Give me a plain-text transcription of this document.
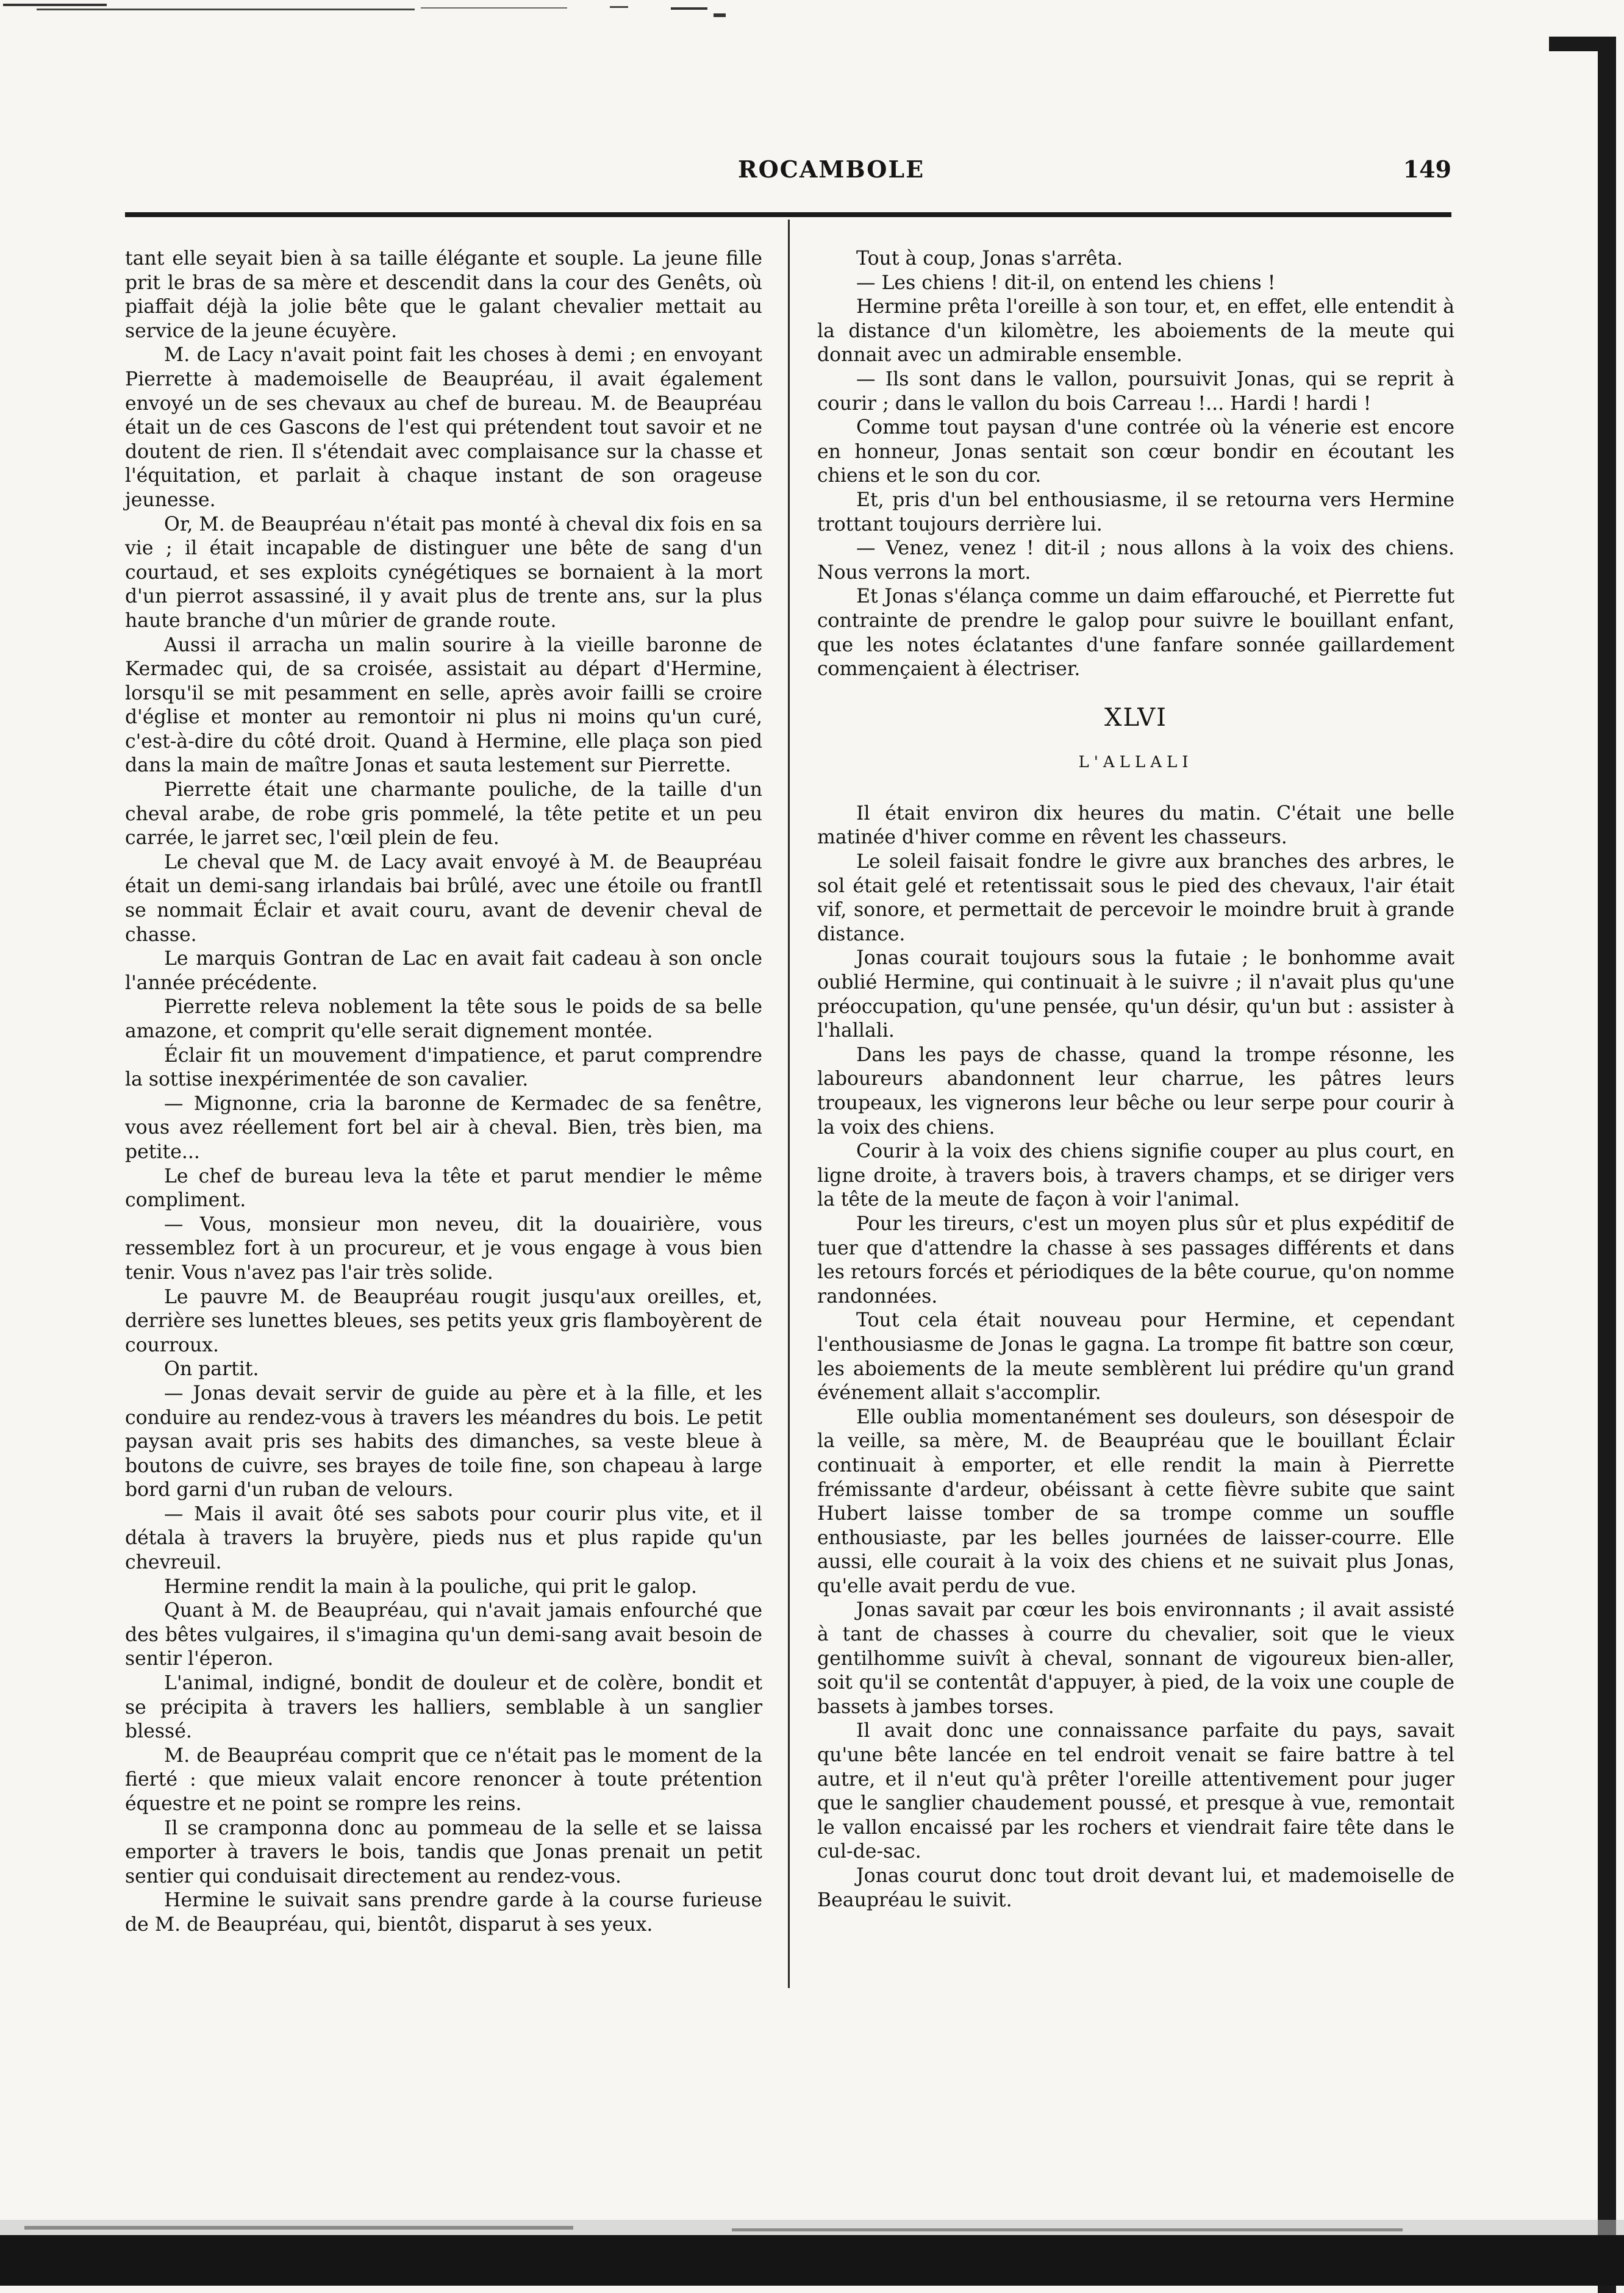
ROCAMBOLE	149

tant elle seyait bien à sa taille élégante et souple. La jeune fille prit le bras de sa mère et descendit dans la cour des Genêts, où piaffait déjà la jolie bête que le galant chevalier mettait au service de la jeune écuyère.

M. de Lacy n'avait point fait les choses à demi ; en envoyant Pierrette à mademoiselle de Beaupréau, il avait également envoyé un de ses chevaux au chef de bureau. M. de Beaupréau était un de ces Gascons de l'est qui prétendent tout savoir et ne doutent de rien. Il s'étendait avec complaisance sur la chasse et l'équitation, et parlait à chaque instant de son orageuse jeunesse.

Or, M. de Beaupréau n'était pas monté à cheval dix fois en sa vie ; il était incapable de distinguer une bête de sang d'un courtaud, et ses exploits cynégétiques se bornaient à la mort d'un pierrot assassiné, il y avait plus de trente ans, sur la plus haute branche d'un mûrier de grande route.

Aussi il arracha un malin sourire à la vieille baronne de Kermadec qui, de sa croisée, assistait au départ d'Hermine, lorsqu'il se mit pesamment en selle, après avoir failli se croire d'église et monter au remontoir ni plus ni moins qu'un curé, c'est-à-dire du côté droit. Quand à Hermine, elle plaça son pied dans la main de maître Jonas et sauta lestement sur Pierrette.

Pierrette était une charmante pouliche, de la taille d'un cheval arabe, de robe gris pommelé, la tête petite et un peu carrée, le jarret sec, l'œil plein de feu.

Le cheval que M. de Lacy avait envoyé à M. de Beaupréau était un demi-sang irlandais bai brûlé, avec une étoile ou frantIl se nommait Éclair et avait couru, avant de devenir cheval de chasse.

Le marquis Gontran de Lac en avait fait cadeau à son oncle l'année précédente.

Pierrette releva noblement la tête sous le poids de sa belle amazone, et comprit qu'elle serait dignement montée.

Éclair fit un mouvement d'impatience, et parut comprendre la sottise inexpérimentée de son cavalier.

— Mignonne, cria la baronne de Kermadec de sa fenêtre, vous avez réellement fort bel air à cheval. Bien, très bien, ma petite...

Le chef de bureau leva la tête et parut mendier le même compliment.

— Vous, monsieur mon neveu, dit la douairière, vous ressemblez fort à un procureur, et je vous engage à vous bien tenir. Vous n'avez pas l'air très solide.

Le pauvre M. de Beaupréau rougit jusqu'aux oreilles, et, derrière ses lunettes bleues, ses petits yeux gris flamboyèrent de courroux.

On partit.

— Jonas devait servir de guide au père et à la fille, et les conduire au rendez-vous à travers les méandres du bois. Le petit paysan avait pris ses habits des dimanches, sa veste bleue à boutons de cuivre, ses brayes de toile fine, son chapeau à large bord garni d'un ruban de velours.

— Mais il avait ôté ses sabots pour courir plus vite, et il détala à travers la bruyère, pieds nus et plus rapide qu'un chevreuil.

Hermine rendit la main à la pouliche, qui prit le galop.

Quant à M. de Beaupréau, qui n'avait jamais enfourché que des bêtes vulgaires, il s'imagina qu'un demi-sang avait besoin de sentir l'éperon.

L'animal, indigné, bondit de douleur et de colère, bondit et se précipita à travers les halliers, semblable à un sanglier blessé.

M. de Beaupréau comprit que ce n'était pas le moment de la fierté : que mieux valait encore renoncer à toute prétention équestre et ne point se rompre les reins.

Il se cramponna donc au pommeau de la selle et se laissa emporter à travers le bois, tandis que Jonas prenait un petit sentier qui conduisait directement au rendez-vous.

Hermine le suivait sans prendre garde à la course furieuse de M. de Beaupréau, qui, bientôt, disparut à ses yeux.

Tout à coup, Jonas s'arrêta.

— Les chiens ! dit-il, on entend les chiens !

Hermine prêta l'oreille à son tour, et, en effet, elle entendit à la distance d'un kilomètre, les aboiements de la meute qui donnait avec un admirable ensemble.

— Ils sont dans le vallon, poursuivit Jonas, qui se reprit à courir ; dans le vallon du bois Carreau !... Hardi ! hardi !

Comme tout paysan d'une contrée où la vénerie est encore en honneur, Jonas sentait son cœur bondir en écoutant les chiens et le son du cor.

Et, pris d'un bel enthousiasme, il se retourna vers Hermine trottant toujours derrière lui.

— Venez, venez ! dit-il ; nous allons à la voix des chiens. Nous verrons la mort.

Et Jonas s'élança comme un daim effarouché, et Pierrette fut contrainte de prendre le galop pour suivre le bouillant enfant, que les notes éclatantes d'une fanfare sonnée gaillardement commençaient à électriser.

XLVI
L'ALLALI

Il était environ dix heures du matin. C'était une belle matinée d'hiver comme en rêvent les chasseurs.

Le soleil faisait fondre le givre aux branches des arbres, le sol était gelé et retentissait sous le pied des chevaux, l'air était vif, sonore, et permettait de percevoir le moindre bruit à grande distance.

Jonas courait toujours sous la futaie ; le bonhomme avait oublié Hermine, qui continuait à le suivre ; il n'avait plus qu'une préoccupation, qu'une pensée, qu'un désir, qu'un but : assister à l'hallali.

Dans les pays de chasse, quand la trompe résonne, les laboureurs abandonnent leur charrue, les pâtres leurs troupeaux, les vignerons leur bêche ou leur serpe pour courir à la voix des chiens.

Courir à la voix des chiens signifie couper au plus court, en ligne droite, à travers bois, à travers champs, et se diriger vers la tête de la meute de façon à voir l'animal.

Pour les tireurs, c'est un moyen plus sûr et plus expéditif de tuer que d'attendre la chasse à ses passages différents et dans les retours forcés et périodiques de la bête courue, qu'on nomme randonnées.

Tout cela était nouveau pour Hermine, et cependant l'enthousiasme de Jonas le gagna. La trompe fit battre son cœur, les aboiements de la meute semblèrent lui prédire qu'un grand événement allait s'accomplir.

Elle oublia momentanément ses douleurs, son désespoir de la veille, sa mère, M. de Beaupréau que le bouillant Éclair continuait à emporter, et elle rendit la main à Pierrette frémissante d'ardeur, obéissant à cette fièvre subite que saint Hubert laisse tomber de sa trompe comme un souffle enthousiaste, par les belles journées de laisser-courre. Elle aussi, elle courait à la voix des chiens et ne suivait plus Jonas, qu'elle avait perdu de vue.

Jonas savait par cœur les bois environnants ; il avait assisté à tant de chasses à courre du chevalier, soit que le vieux gentilhomme suivît à cheval, sonnant de vigoureux bien-aller, soit qu'il se contentât d'appuyer, à pied, de la voix une couple de bassets à jambes torses.

Il avait donc une connaissance parfaite du pays, savait qu'une bête lancée en tel endroit venait se faire battre à tel autre, et il n'eut qu'à prêter l'oreille attentivement pour juger que le sanglier chaudement poussé, et presque à vue, remontait le vallon encaissé par les rochers et viendrait faire tête dans le cul-de-sac.

Jonas courut donc tout droit devant lui, et mademoiselle de Beaupréau le suivit.
